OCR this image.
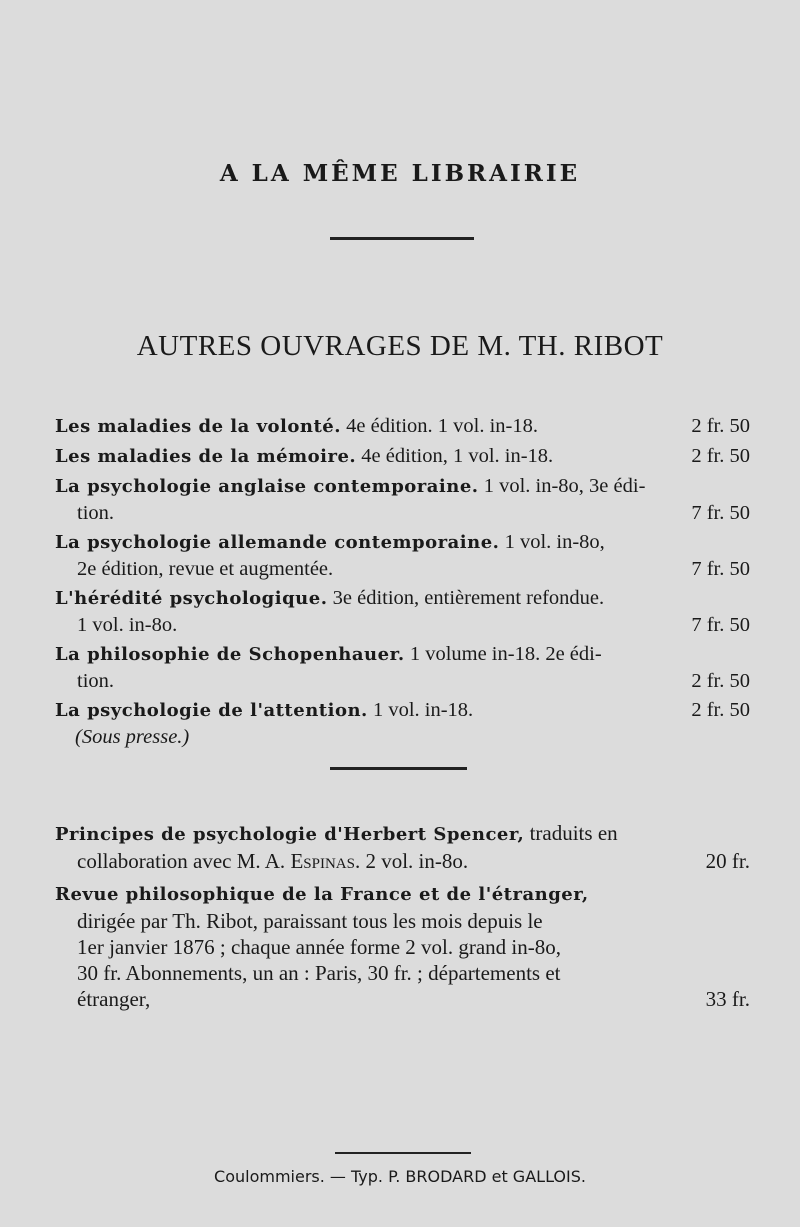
A LA MÊME LIBRAIRIE
AUTRES OUVRAGES DE M. TH. RIBOT
Les maladies de la volonté. 4e édition. 1 vol. in-18.	2 fr. 50
Les maladies de la mémoire. 4e édition, 1 vol. in-18.	2 fr. 50
La psychologie anglaise contemporaine. 1 vol. in-8o, 3e édi-
tion.	7 fr. 50
La psychologie allemande contemporaine. 1 vol. in-8o,
2e édition, revue et augmentée.	7 fr. 50
L'hérédité psychologique. 3e édition, entièrement refondue.
1 vol. in-8o.	7 fr. 50
La philosophie de Schopenhauer. 1 volume in-18. 2e édi-
tion.	2 fr. 50
La psychologie de l'attention. 1 vol. in-18.	2 fr. 50
(Sous presse.)
Principes de psychologie d'Herbert Spencer, traduits en
collaboration avec M. A. Espinas. 2 vol. in-8o.	20 fr.
Revue philosophique de la France et de l'étranger,
dirigée par Th. Ribot, paraissant tous les mois depuis le
1er janvier 1876 ; chaque année forme 2 vol. grand in-8o,
30 fr. Abonnements, un an : Paris, 30 fr. ; départements et
étranger,	33 fr.
Coulommiers. — Typ. P. BRODARD et GALLOIS.
